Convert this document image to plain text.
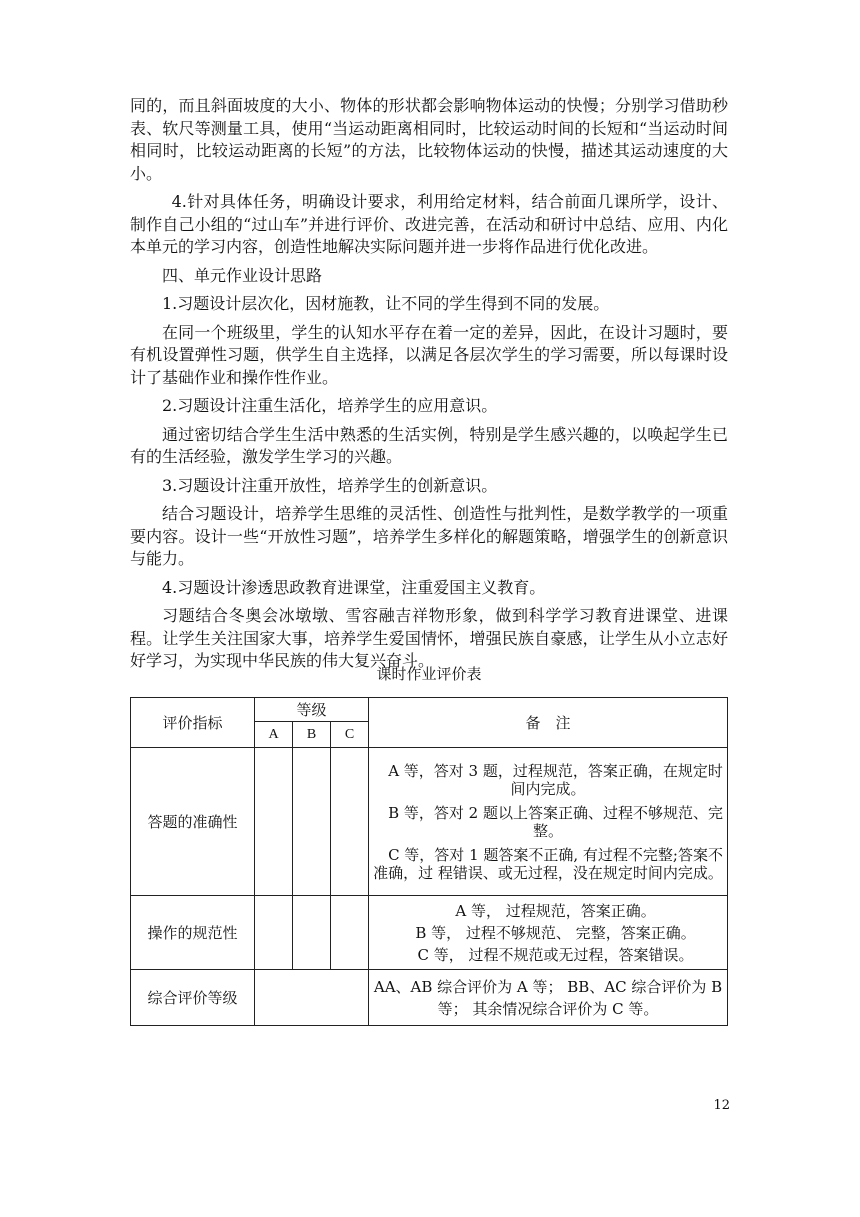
同的，而且斜面坡度的大小、物体的形状都会影响物体运动的快慢；分别学习借助秒表、软尺等测量工具，使用“当运动距离相同时，比较运动时间的长短和“当运动时间相同时，比较运动距离的长短”的方法，比较物体运动的快慢，描述其运动速度的大小。

4.针对具体任务，明确设计要求，利用给定材料，结合前面几课所学，设计、制作自己小组的“过山车”并进行评价、改进完善，在活动和研讨中总结、应用、内化本单元的学习内容，创造性地解决实际问题并进一步将作品进行优化改进。

四、单元作业设计思路

1.习题设计层次化，因材施教，让不同的学生得到不同的发展。

在同一个班级里，学生的认知水平存在着一定的差异，因此，在设计习题时，要有机设置弹性习题，供学生自主选择，以满足各层次学生的学习需要，所以每课时设计了基础作业和操作性作业。

2.习题设计注重生活化，培养学生的应用意识。

通过密切结合学生生活中熟悉的生活实例，特别是学生感兴趣的，以唤起学生已有的生活经验，激发学生学习的兴趣。

3.习题设计注重开放性，培养学生的创新意识。

结合习题设计，培养学生思维的灵活性、创造性与批判性，是数学教学的一项重要内容。设计一些“开放性习题”，培养学生多样化的解题策略，增强学生的创新意识与能力。

4.习题设计渗透思政教育进课堂，注重爱国主义教育。

习题结合冬奥会冰墩墩、雪容融吉祥物形象，做到科学学习教育进课堂、进课程。让学生关注国家大事，培养学生爱国情怀，增强民族自豪感，让学生从小立志好好学习，为实现中华民族的伟大复兴奋斗。

课时作业评价表
评价指标	等级			备　注
	A	B	C	
答题的准确性				A 等，答对 3 题，过程规范，答案正确，在规定时间内完成。

B 等，答对 2 题以上答案正确、过程不够规范、完整。

C 等，答对 1 题答案不正确, 有过程不完整;答案不准确，过 程错误、或无过程，没在规定时间内完成。

操作的规范性				A 等， 过程规范，答案正确。
B 等， 过程不够规范、 完整，答案正确。
C 等， 过程不规范或无过程，答案错误。

综合评价等级				AA、AB 综合评价为 A 等； BB、AC 综合评价为 B 等； 其余情况综合评价为 C 等。
12
